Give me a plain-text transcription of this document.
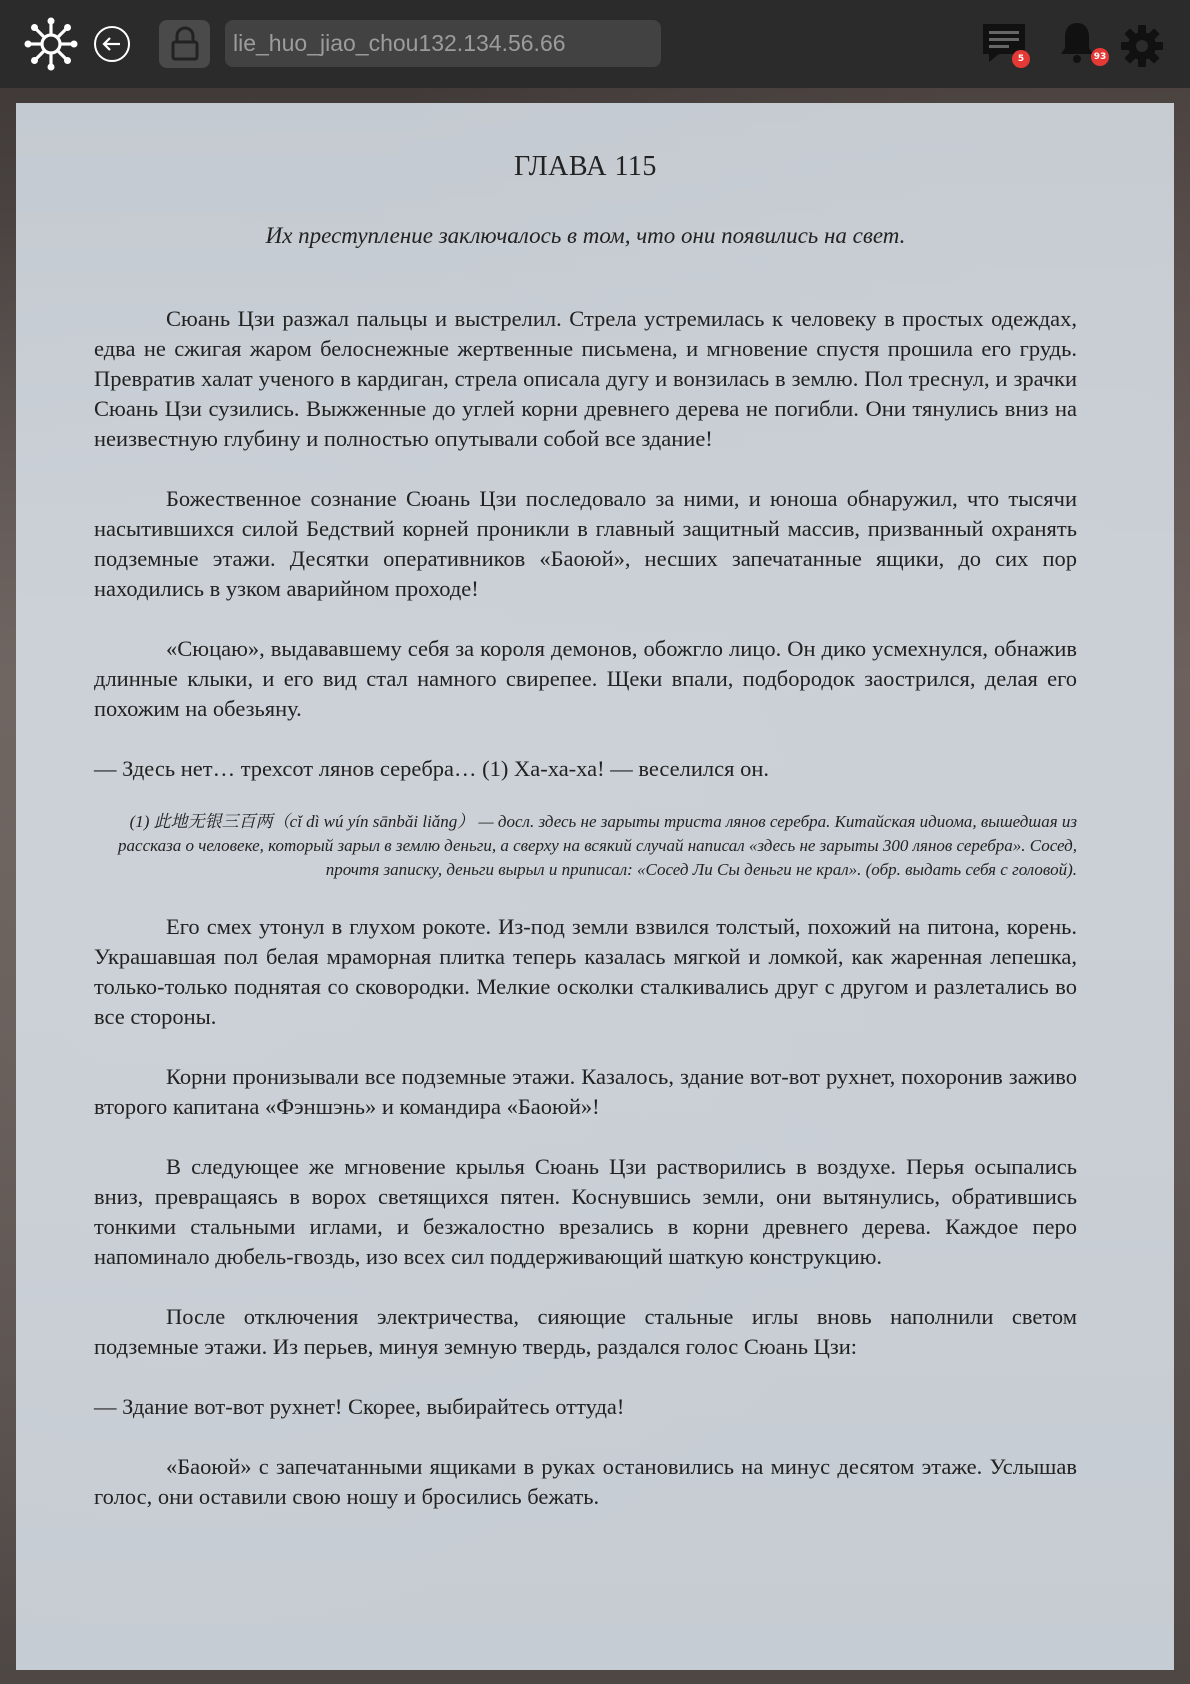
lie_huo_jiao_chou132.134.56.66
5	93
ГЛАВА 115

Их преступление заключалось в том, что они появились на свет.

Сюань Цзи разжал пальцы и выстрелил. Стрела устремилась к человеку в простых одеждах, едва не сжигая жаром белоснежные жертвенные письмена, и мгновение спустя прошила его грудь. Превратив халат ученого в кардиган, стрела описала дугу и вонзилась в землю. Пол треснул, и зрачки Сюань Цзи сузились. Выжженные до углей корни древнего дерева не погибли. Они тянулись вниз на неизвестную глубину и полностью опутывали собой все здание!

Божественное сознание Сюань Цзи последовало за ними, и юноша обнаружил, что тысячи насытившихся силой Бедствий корней проникли в главный защитный массив, призванный охранять подземные этажи. Десятки оперативников «Баоюй», несших запечатанные ящики, до сих пор находились в узком аварийном проходе!

«Сюцаю», выдававшему себя за короля демонов, обожгло лицо. Он дико усмехнулся, обнажив длинные клыки, и его вид стал намного свирепее. Щеки впали, подбородок заострился, делая его похожим на обезьяну.

— Здесь нет… трехсот лянов серебра… (1) Ха-ха-ха! — веселился он.

(1) 此地无银三百两（cǐ dì wú yín sānbǎi liǎng） — досл. здесь не зарыты триста лянов серебра. Китайская идиома, вышедшая из рассказа о человеке, который зарыл в землю деньги, а сверху на всякий случай написал «здесь не зарыты 300 лянов серебра». Сосед, прочтя записку, деньги вырыл и приписал: «Сосед Ли Сы деньги не крал». (обр. выдать себя с головой).

Его смех утонул в глухом рокоте. Из-под земли взвился толстый, похожий на питона, корень. Украшавшая пол белая мраморная плитка теперь казалась мягкой и ломкой, как жаренная лепешка, только-только поднятая со сковородки. Мелкие осколки сталкивались друг с другом и разлетались во все стороны.

Корни пронизывали все подземные этажи. Казалось, здание вот-вот рухнет, похоронив заживо второго капитана «Фэншэнь» и командира «Баоюй»!

В следующее же мгновение крылья Сюань Цзи растворились в воздухе. Перья осыпались вниз, превращаясь в ворох светящихся пятен. Коснувшись земли, они вытянулись, обратившись тонкими стальными иглами, и безжалостно врезались в корни древнего дерева. Каждое перо напоминало дюбель-гвоздь, изо всех сил поддерживающий шаткую конструкцию.

После отключения электричества, сияющие стальные иглы вновь наполнили светом подземные этажи. Из перьев, минуя земную твердь, раздался голос Сюань Цзи:

— Здание вот-вот рухнет! Скорее, выбирайтесь оттуда!

«Баоюй» с запечатанными ящиками в руках остановились на минус десятом этаже. Услышав голос, они оставили свою ношу и бросились бежать.
